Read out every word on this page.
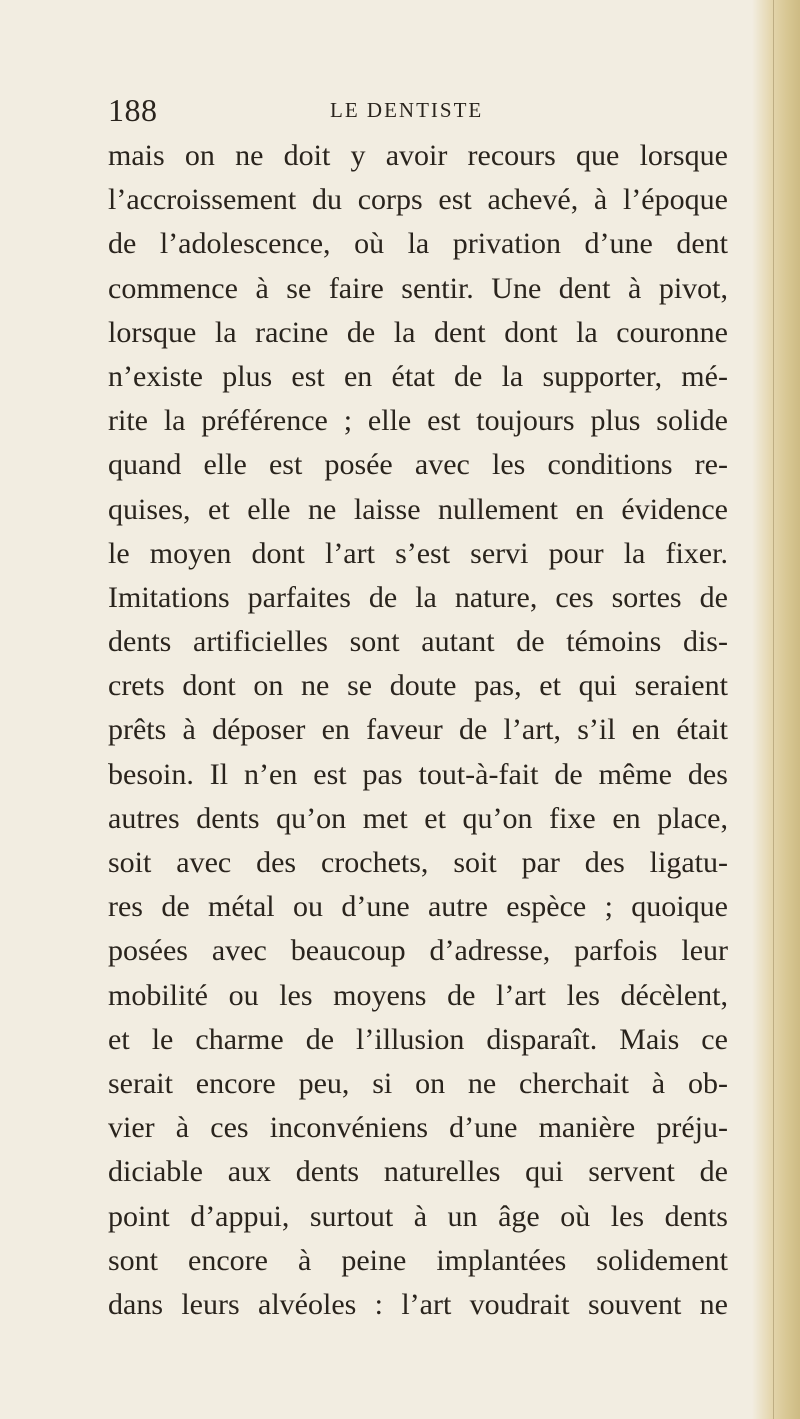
188	LE DENTISTE
mais on ne doit y avoir recours que lorsque
l’accroissement du corps est achevé, à l’époque
de l’adolescence, où la privation d’une dent
commence à se faire sentir. Une dent à pivot,
lorsque la racine de la dent dont la couronne
n’existe plus est en état de la supporter, mé-
rite la préférence ; elle est toujours plus solide
quand elle est posée avec les conditions re-
quises, et elle ne laisse nullement en évidence
le moyen dont l’art s’est servi pour la fixer.
Imitations parfaites de la nature, ces sortes de
dents artificielles sont autant de témoins dis-
crets dont on ne se doute pas, et qui seraient
prêts à déposer en faveur de l’art, s’il en était
besoin. Il n’en est pas tout-à-fait de même des
autres dents qu’on met et qu’on fixe en place,
soit avec des crochets, soit par des ligatu-
res de métal ou d’une autre espèce ; quoique
posées avec beaucoup d’adresse, parfois leur
mobilité ou les moyens de l’art les décèlent,
et le charme de l’illusion disparaît. Mais ce
serait encore peu, si on ne cherchait à ob-
vier à ces inconvéniens d’une manière préju-
diciable aux dents naturelles qui servent de
point d’appui, surtout à un âge où les dents
sont encore à peine implantées solidement
dans leurs alvéoles : l’art voudrait souvent ne
